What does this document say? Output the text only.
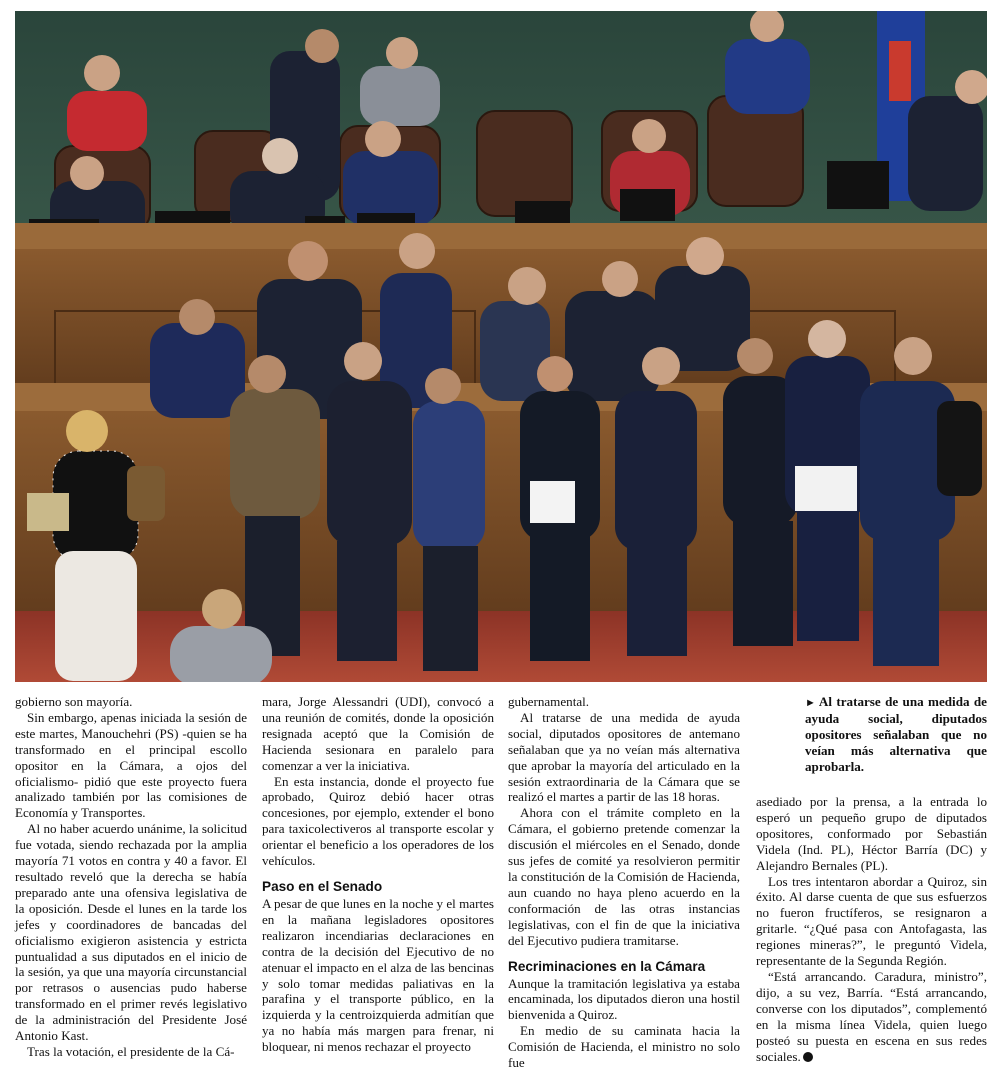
► Al tratarse de una medida de ayuda social, diputados opositores señalaban que no veían más alternativa que aprobarla.

gobierno son mayoría.

Sin embargo, apenas iniciada la sesión de este martes, Manouchehri (PS) -quien se ha transformado en el principal escollo opositor en la Cámara, a ojos del oficialismo- pidió que este proyecto fuera analizado también por las comisiones de Economía y Transportes.

Al no haber acuerdo unánime, la solicitud fue votada, siendo rechazada por la amplia mayoría 71 votos en contra y 40 a favor. El resultado reveló que la derecha se había preparado ante una ofensiva legislativa de la oposición. Desde el lunes en la tarde los jefes y coordinadores de bancadas del oficialismo exigieron asistencia y estricta puntualidad a sus diputados en el inicio de la sesión, ya que una mayoría circunstancial por retrasos o ausencias pudo haberse transformado en el primer revés legislativo de la administración del Presidente José Antonio Kast.

Tras la votación, el presidente de la Cá-

mara, Jorge Alessandri (UDI), convocó a una reunión de comités, donde la oposición resignada aceptó que la Comisión de Hacienda sesionara en paralelo para comenzar a ver la iniciativa.

En esta instancia, donde el proyecto fue aprobado, Quiroz debió hacer otras concesiones, por ejemplo, extender el bono para taxicolectiveros al transporte escolar y orientar el beneficio a los operadores de los vehículos.

Paso en el Senado

A pesar de que lunes en la noche y el martes en la mañana legisladores opositores realizaron incendiarias declaraciones en contra de la decisión del Ejecutivo de no atenuar el impacto en el alza de las bencinas y solo tomar medidas paliativas en la parafina y el transporte público, en la izquierda y la centroizquierda admitían que ya no había más margen para frenar, ni bloquear, ni menos rechazar el proyecto

gubernamental.

Al tratarse de una medida de ayuda social, diputados opositores de antemano señalaban que ya no veían más alternativa que aprobar la mayoría del articulado en la sesión extraordinaria de la Cámara que se realizó el martes a partir de las 18 horas.

Ahora con el trámite completo en la Cámara, el gobierno pretende comenzar la discusión el miércoles en el Senado, donde sus jefes de comité ya resolvieron permitir la constitución de la Comisión de Hacienda, aun cuando no haya pleno acuerdo en la conformación de las otras instancias legislativas, con el fin de que la iniciativa del Ejecutivo pudiera tramitarse.

Recriminaciones en la Cámara

Aunque la tramitación legislativa ya estaba encaminada, los diputados dieron una hostil bienvenida a Quiroz.

En medio de su caminata hacia la Comisión de Hacienda, el ministro no solo fue

asediado por la prensa, a la entrada lo esperó un pequeño grupo de diputados opositores, conformado por Sebastián Videla (Ind. PL), Héctor Barría (DC) y Alejandro Bernales (PL).

Los tres intentaron abordar a Quiroz, sin éxito. Al darse cuenta de que sus esfuerzos no fueron fructíferos, se resignaron a gritarle. “¿Qué pasa con Antofagasta, las regiones mineras?”, le preguntó Videla, representante de la Segunda Región.

“Está arrancando. Caradura, ministro”, dijo, a su vez, Barría. “Está arrancando, converse con los diputados”, complementó en la misma línea Videla, quien luego posteó su puesta en escena en sus redes sociales.
